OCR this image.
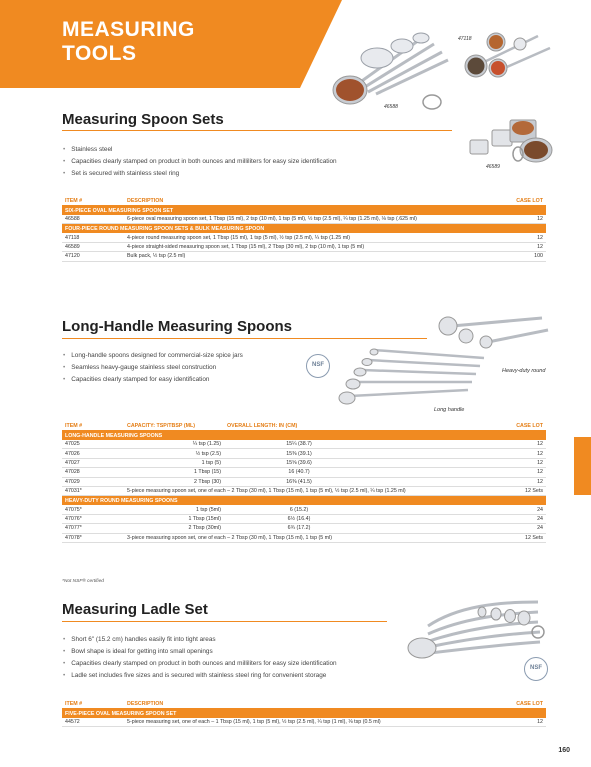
MEASURING
TOOLS
46588
47118
46589
Measuring Spoon Sets
• Stainless steel
• Capacities clearly stamped on product in both ounces and milliliters for easy size identification
• Set is secured with stainless steel ring
ITEM #	DESCRIPTION	CASE LOT
SIX-PIECE OVAL MEASURING SPOON SET		
46588	6-piece oval measuring spoon set, 1 Tbsp (15 ml), 2 tsp (10 ml), 1 tsp (5 ml), ½ tsp (2.5 ml), ¼ tsp (1.25 ml), ⅛ tsp (.625 ml)	12
FOUR-PIECE ROUND MEASURING SPOON SETS & BULK MEASURING SPOON		
47118	4-piece round measuring spoon set, 1 Tbsp (15 ml), 1 tsp (5 ml), ½ tsp (2.5 ml), ¼ tsp (1.25 ml)	12
46589	4-piece straight-sided measuring spoon set, 1 Tbsp (15 ml), 2 Tbsp (30 ml), 2 tsp (10 ml), 1 tsp (5 ml)	12
47120	Bulk pack, ½ tsp (2.5 ml)	100
Long-Handle Measuring Spoons
Heavy-duty round
NSF
Long handle
• Long-handle spoons designed for commercial-size spice jars
• Seamless heavy-gauge stainless steel construction
• Capacities clearly stamped for easy identification
ITEM #	CAPACITY: TSP/TBSP (ML)	OVERALL LENGTH: IN (CM)		CASE LOT
LONG-HANDLE MEASURING SPOONS				
47025	¼ tsp (1.25)	15¼ (38.7)		12
47026	½ tsp (2.5)	15⅜ (39.1)		12
47027	1 tsp (5)	15⅝ (39.6)		12
47028	1 Tbsp (15)	16 (40.7)		12
47029	2 Tbsp (30)	16⅜ (41.5)		12
47031*	5-piece measuring spoon set, one of each – 2 Tbsp (30 ml), 1 Tbsp (15 ml), 1 tsp (5 ml), ½ tsp (2.5 ml), ¼ tsp (1.25 ml)			12 Sets
HEAVY-DUTY ROUND MEASURING SPOONS				
47075*	1 tsp (5ml)	6 (15.2)		24
47076*	1 Tbsp (15ml)	6½ (16.4)		24
47077*	2 Tbsp (30ml)	6¾ (17.2)		24
47078*	3-piece measuring spoon set, one of each – 2 Tbsp (30 ml), 1 Tbsp (15 ml), 1 tsp (5 ml)			12 Sets
*Not NSF® certified
Measuring Ladle Set
NSF
• Short 6" (15.2 cm) handles easily fit into tight areas
• Bowl shape is ideal for getting into small openings
• Capacities clearly stamped on product in both ounces and milliliters for easy size identification
• Ladle set includes five sizes and is secured with stainless steel ring for convenient storage
ITEM #	DESCRIPTION	CASE LOT
FIVE-PIECE OVAL MEASURING SPOON SET		
44572	5-piece measuring set, one of each – 1 Tbsp (15 ml), 1 tsp (5 ml), ½ tsp (2.5 ml), ¼ tsp (1 ml), ⅛ tsp (0.5 ml)	12
160
